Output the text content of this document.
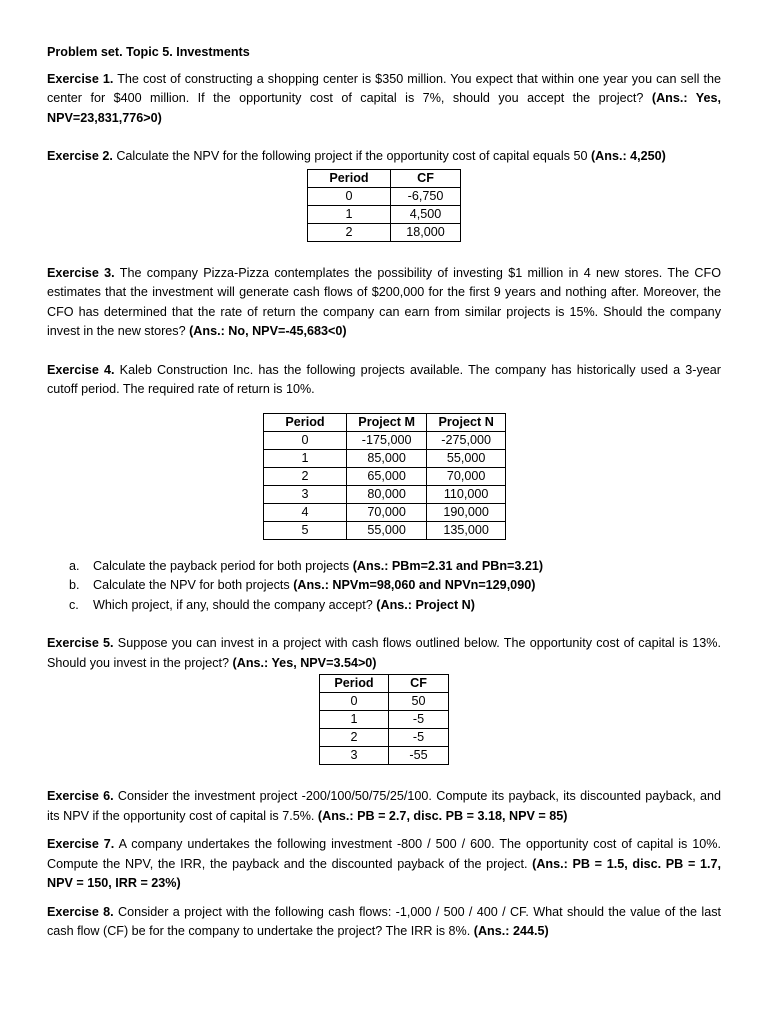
Problem set. Topic 5. Investments

Exercise 1. The cost of constructing a shopping center is $350 million. You expect that within one year you can sell the center for $400 million. If the opportunity cost of capital is 7%, should you accept the project? (Ans.: Yes, NPV=23,831,776>0)

Exercise 2. Calculate the NPV for the following project if the opportunity cost of capital equals 50 (Ans.: 4,250)

Period	CF
0	-6,750
1	4,500
2	18,000

Exercise 3. The company Pizza-Pizza contemplates the possibility of investing $1 million in 4 new stores. The CFO estimates that the investment will generate cash flows of $200,000 for the first 9 years and nothing after. Moreover, the CFO has determined that the rate of return the company can earn from similar projects is 15%. Should the company invest in the new stores? (Ans.: No, NPV=-45,683<0)

Exercise 4. Kaleb Construction Inc. has the following projects available. The company has historically used a 3-year cutoff period. The required rate of return is 10%.

Period	Project M	Project N
0	-175,000	-275,000
1	85,000	55,000
2	65,000	70,000
3	80,000	110,000
4	70,000	190,000
5	55,000	135,000
a. Calculate the payback period for both projects (Ans.: PBm=2.31 and PBn=3.21)
b. Calculate the NPV for both projects (Ans.: NPVm=98,060 and NPVn=129,090)
c. Which project, if any, should the company accept? (Ans.: Project N)

Exercise 5. Suppose you can invest in a project with cash flows outlined below. The opportunity cost of capital is 13%. Should you invest in the project? (Ans.: Yes, NPV=3.54>0)

Period	CF
0	50
1	-5
2	-5
3	-55

Exercise 6. Consider the investment project -200/100/50/75/25/100. Compute its payback, its discounted payback, and its NPV if the opportunity cost of capital is 7.5%. (Ans.: PB = 2.7, disc. PB = 3.18, NPV = 85)

Exercise 7. A company undertakes the following investment -800 / 500 / 600. The opportunity cost of capital is 10%. Compute the NPV, the IRR, the payback and the discounted payback of the project. (Ans.: PB = 1.5, disc. PB = 1.7, NPV = 150, IRR = 23%)

Exercise 8. Consider a project with the following cash flows: -1,000 / 500 / 400 / CF. What should the value of the last cash flow (CF) be for the company to undertake the project? The IRR is 8%. (Ans.: 244.5)
